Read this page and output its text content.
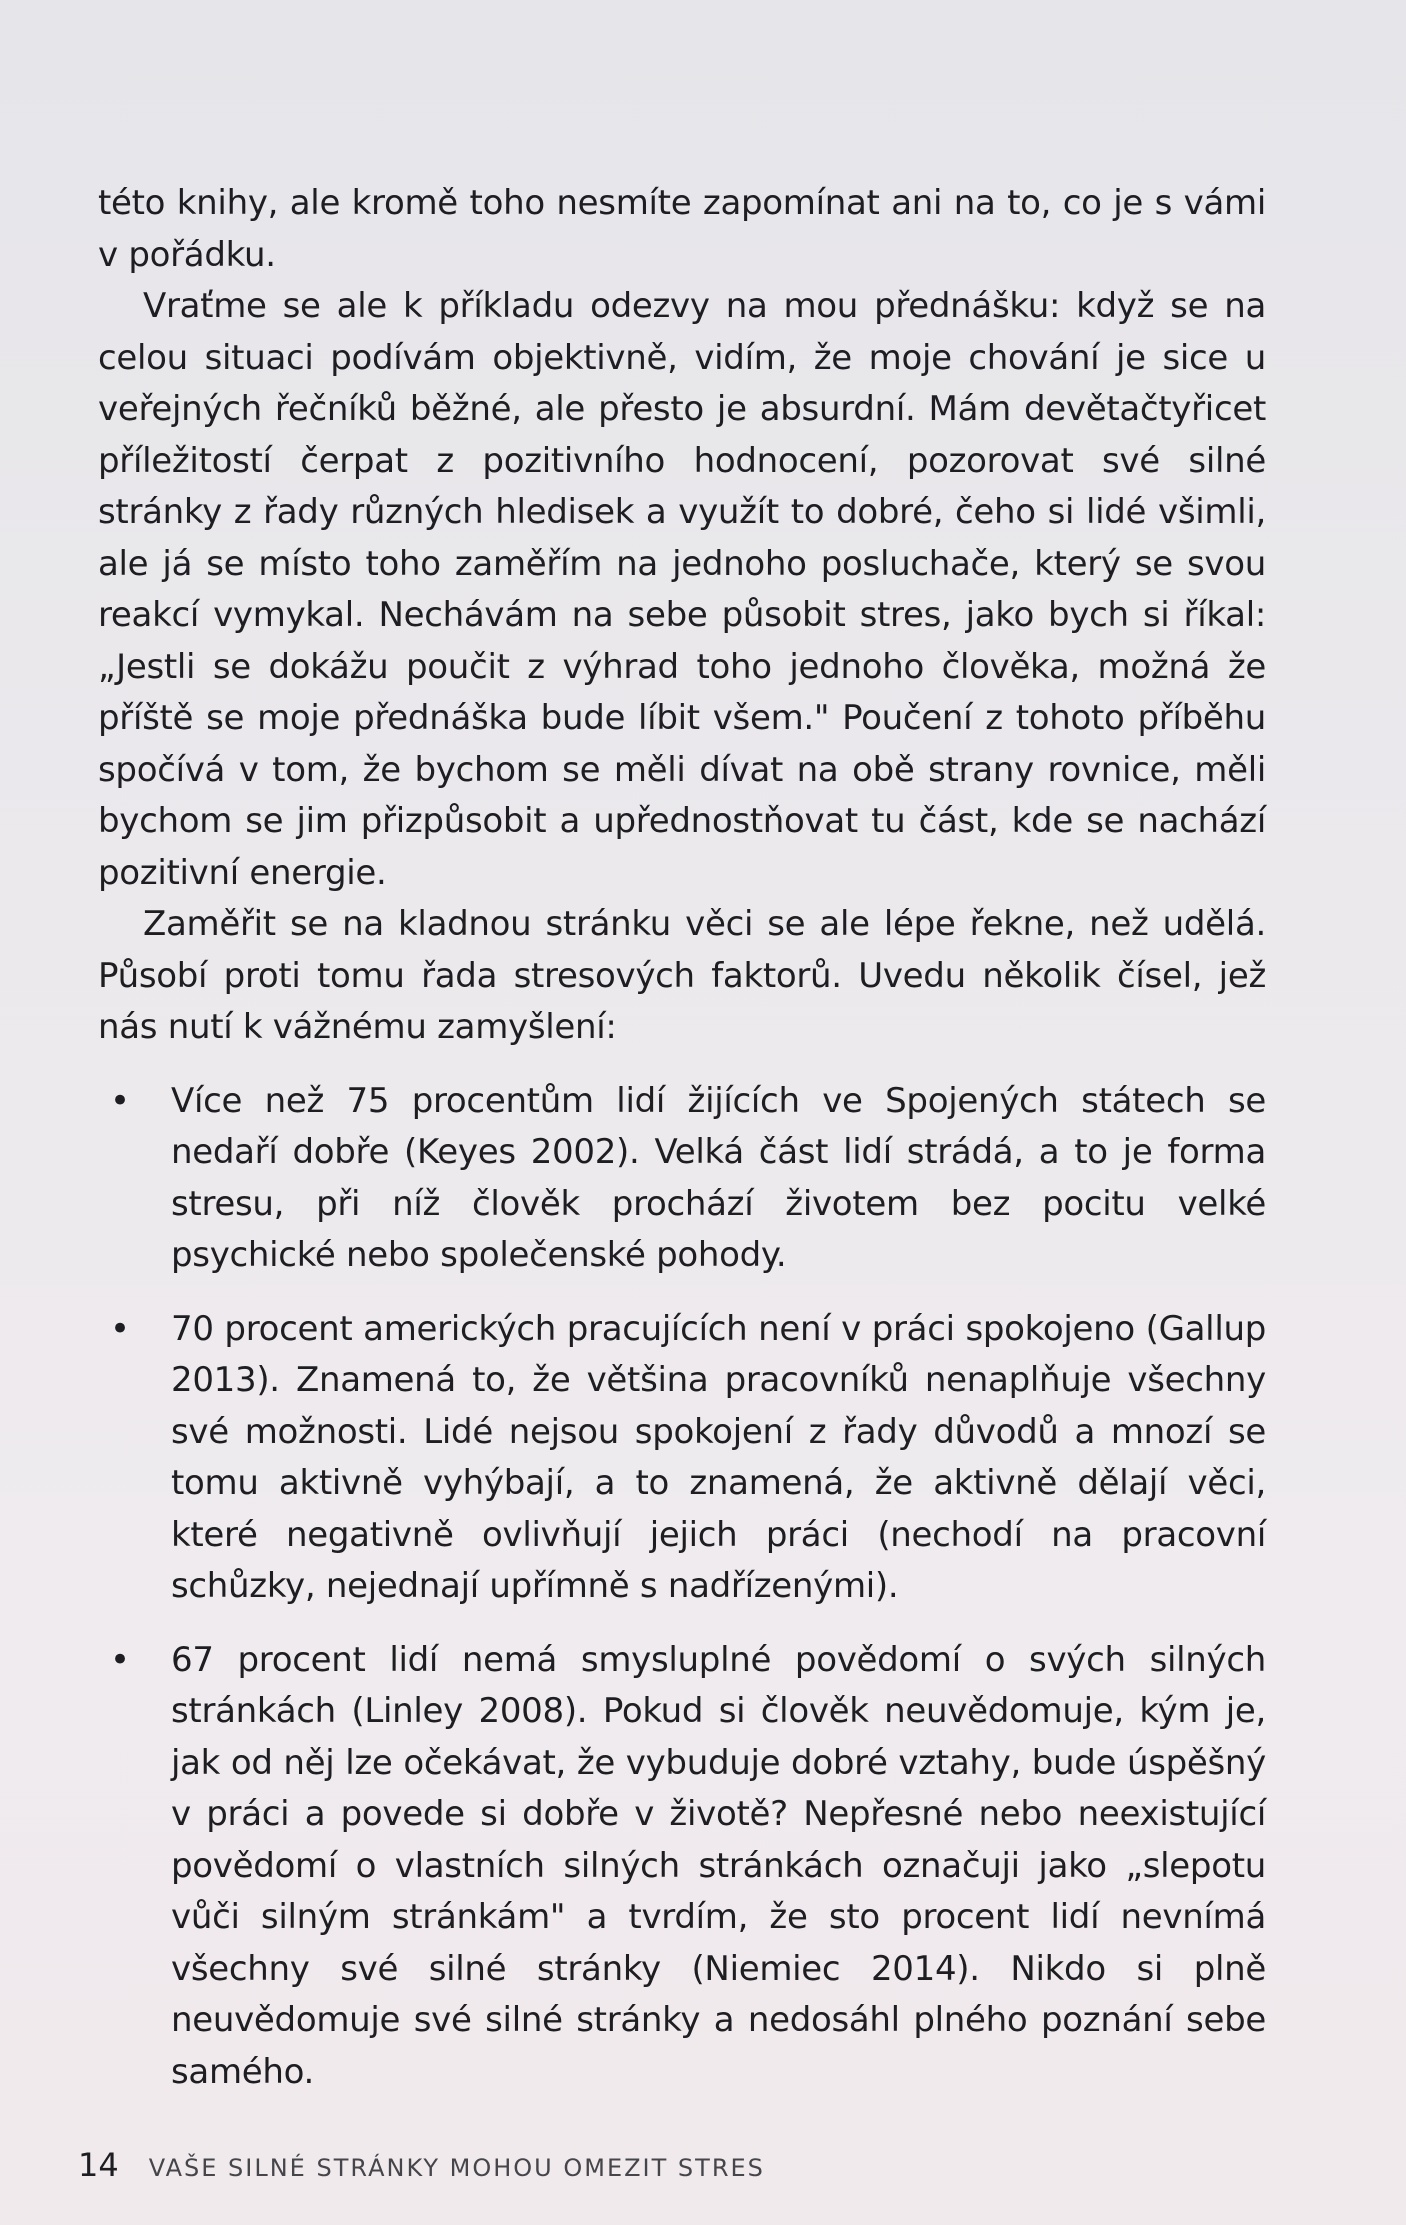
této knihy, ale kromě toho nesmíte zapomínat ani na to, co je s vámi v pořádku.

Vraťme se ale k příkladu odezvy na mou přednášku: když se na celou situaci podívám objektivně, vidím, že moje chování je sice u veřejných řečníků běžné, ale přesto je absurdní. Mám devětačtyřicet příležitostí čerpat z pozitivního hodnocení, pozorovat své silné stránky z řady různých hledisek a využít to dobré, čeho si lidé všimli, ale já se místo toho zaměřím na jednoho posluchače, který se svou reakcí vymykal. Nechávám na sebe působit stres, jako bych si říkal: „Jestli se dokážu poučit z výhrad toho jednoho člověka, možná že příště se moje přednáška bude líbit všem." Poučení z tohoto příběhu spočívá v tom, že bychom se měli dívat na obě strany rovnice, měli bychom se jim přizpůsobit a upřednostňovat tu část, kde se nachází pozitivní energie.

Zaměřit se na kladnou stránku věci se ale lépe řekne, než udělá. Působí proti tomu řada stresových faktorů. Uvedu několik čísel, jež nás nutí k vážnému zamyšlení:

• Více než 75 procentům lidí žijících ve Spojených státech se nedaří dobře (Keyes 2002). Velká část lidí strádá, a to je forma stresu, při níž člověk prochází životem bez pocitu velké psychické nebo společenské pohody.
• 70 procent amerických pracujících není v práci spokojeno (Gallup 2013). Znamená to, že většina pracovníků nenaplňuje všechny své možnosti. Lidé nejsou spokojení z řady důvodů a mnozí se tomu aktivně vyhýbají, a to znamená, že aktivně dělají věci, které negativně ovlivňují jejich práci (nechodí na pracovní schůzky, nejednají upřímně s nadřízenými).
• 67 procent lidí nemá smysluplné povědomí o svých silných stránkách (Linley 2008). Pokud si člověk neuvědomuje, kým je, jak od něj lze očekávat, že vybuduje dobré vztahy, bude úspěšný v práci a povede si dobře v životě? Nepřesné nebo neexistující povědomí o vlastních silných stránkách označuji jako „slepotu vůči silným stránkám" a tvrdím, že sto procent lidí nevnímá všechny své silné stránky (Niemiec 2014). Nikdo si plně neuvědomuje své silné stránky a nedosáhl plného poznání sebe samého.
14 VAŠE SILNÉ STRÁNKY MOHOU OMEZIT STRES
